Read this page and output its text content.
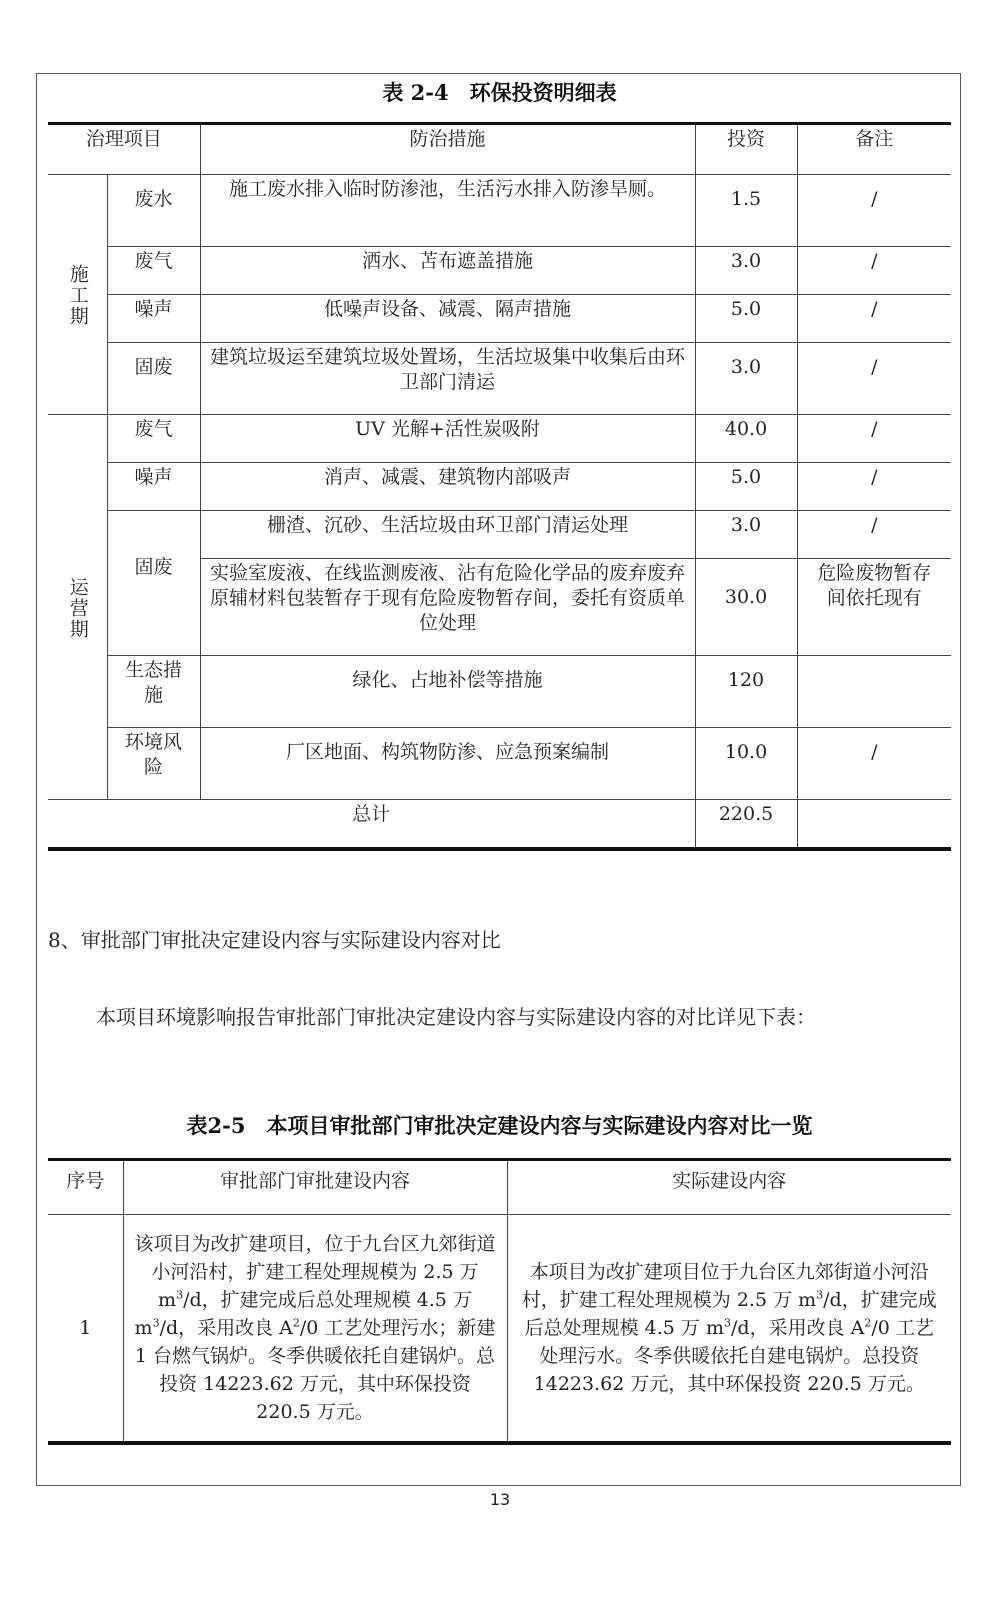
表 2-4　环保投资明细表
治理项目		防治措施	投资	备注
施工期	废水	施工废水排入临时防渗池，生活污水排入防渗旱厕。	1.5	/
	废气	洒水、苫布遮盖措施	3.0	/
	噪声	低噪声设备、减震、隔声措施	5.0	/
	固废	建筑垃圾运至建筑垃圾处置场，生活垃圾集中收集后由环卫部门清运	3.0	/
运营期	废气	UV 光解+活性炭吸附	40.0	/
	噪声	消声、减震、建筑物内部吸声	5.0	/
	固废	栅渣、沉砂、生活垃圾由环卫部门清运处理	3.0	/
		实验室废液、在线监测废液、沾有危险化学品的废弃废弃原辅材料包装暂存于现有危险废物暂存间，委托有资质单位处理	30.0	危险废物暂存间依托现有
	生态措施	绿化、占地补偿等措施	120	
	环境风险	厂区地面、构筑物防渗、应急预案编制	10.0	/
总计			220.5	
8、审批部门审批决定建设内容与实际建设内容对比
本项目环境影响报告审批部门审批决定建设内容与实际建设内容的对比详见下表：
表2-5　本项目审批部门审批决定建设内容与实际建设内容对比一览
序号	审批部门审批建设内容	实际建设内容
1	该项目为改扩建项目，位于九台区九郊街道小河沿村，扩建工程处理规模为 2.5 万 $m^3/d$，扩建完成后总处理规模 4.5 万 $m^3/d$，采用改良 $A^2/0$ 工艺处理污水；新建 1 台燃气锅炉。冬季供暖依托自建锅炉。总投资 14223.62 万元，其中环保投资 220.5 万元。	本项目为改扩建项目位于九台区九郊街道小河沿村，扩建工程处理规模为 2.5 万 $m^3/d$，扩建完成后总处理规模 4.5 万 $m^3/d$，采用改良 $A^2/0$ 工艺处理污水。冬季供暖依托自建电锅炉。总投资 14223.62 万元，其中环保投资 220.5 万元。
13
